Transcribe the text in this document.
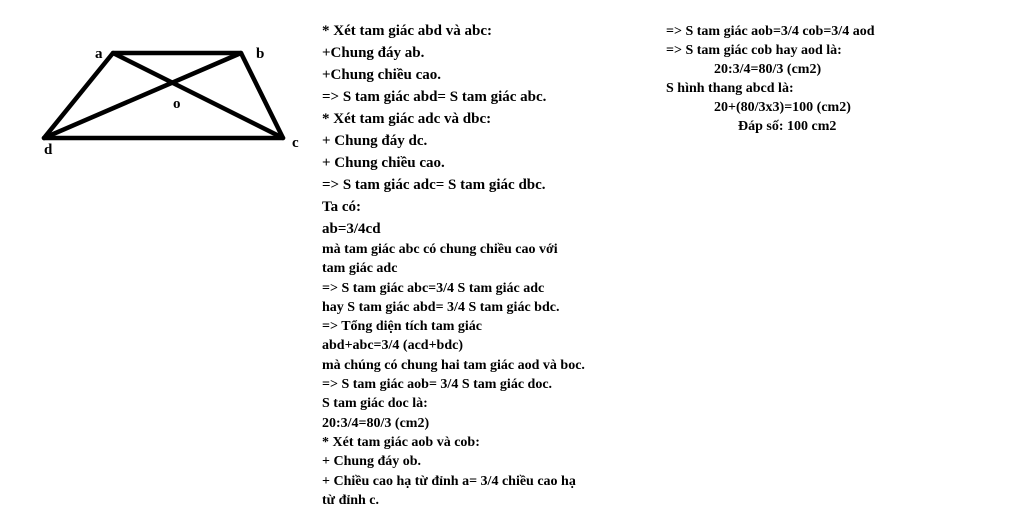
a	b
o
c
d
* Xét tam giác abd và abc:
+Chung đáy ab.
+Chung chiều cao.
=> S tam giác abd= S tam giác abc.
* Xét tam giác adc và dbc:
+ Chung đáy dc.
+ Chung chiều cao.
=> S tam giác adc= S tam giác dbc.
Ta có:
ab=3/4cd
mà tam giác abc có chung chiều cao với
tam giác adc
=> S tam giác abc=3/4 S tam giác adc
hay S tam giác abd= 3/4 S tam giác bdc.
=> Tổng diện tích tam giác
abd+abc=3/4 (acd+bdc)
mà chúng có chung hai tam giác aod và boc.
=> S tam giác aob= 3/4 S tam giác doc.
S tam giác doc là:
20:3/4=80/3 (cm2)
* Xét tam giác aob và cob:
+ Chung đáy ob.
+ Chiều cao hạ từ đỉnh a= 3/4 chiều cao hạ
từ đỉnh c.
=> S tam giác aob=3/4 cob=3/4 aod
=> S tam giác cob hay aod là:
20:3/4=80/3 (cm2)
S hình thang abcd là:
20+(80/3x3)=100 (cm2)
Đáp số: 100 cm2
